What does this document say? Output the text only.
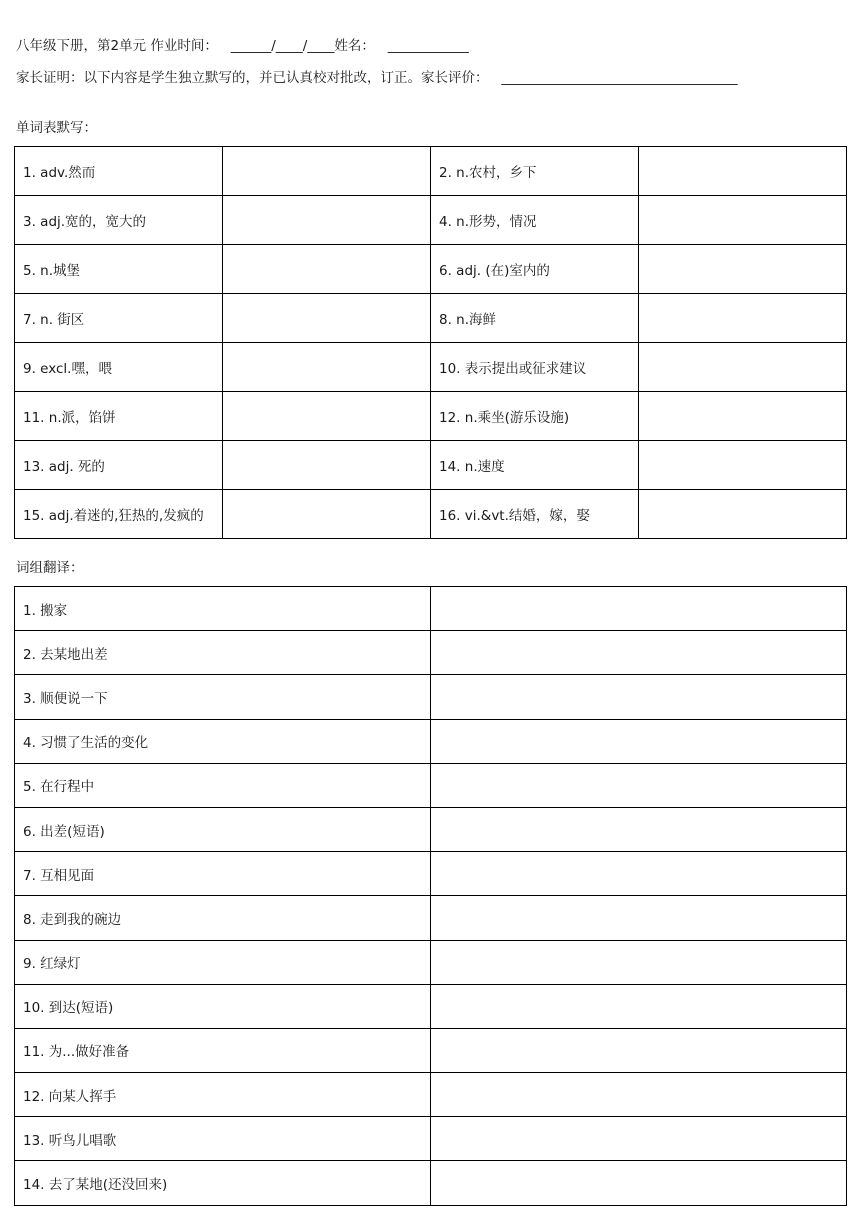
八年级下册，第2单元 作业时间：   ______/____/____姓名：   ____________
家长证明：以下内容是学生独立默写的，并已认真校对批改，订正。家长评价：   ___________________________________
单词表默写：
1. adv.然而		2. n.农村，乡下	
3. adj.宽的，宽大的		4. n.形势，情况	
5. n.城堡		6. adj. (在)室内的	
7. n. 街区		8. n.海鲜	
9. excl.嘿，喂		10. 表示提出或征求建议	
11. n.派，馅饼		12. n.乘坐(游乐设施)	
13. adj. 死的		14. n.速度	
15. adj.着迷的,狂热的,发疯的		16. vi.&vt.结婚，嫁，娶	
词组翻译：
1. 搬家	
2. 去某地出差	
3. 顺便说一下	
4. 习惯了生活的变化	
5. 在行程中	
6. 出差(短语)	
7. 互相见面	
8. 走到我的碗边	
9. 红绿灯	
10. 到达(短语)	
11. 为...做好准备	
12. 向某人挥手	
13. 听鸟儿唱歌	
14. 去了某地(还没回来)	
